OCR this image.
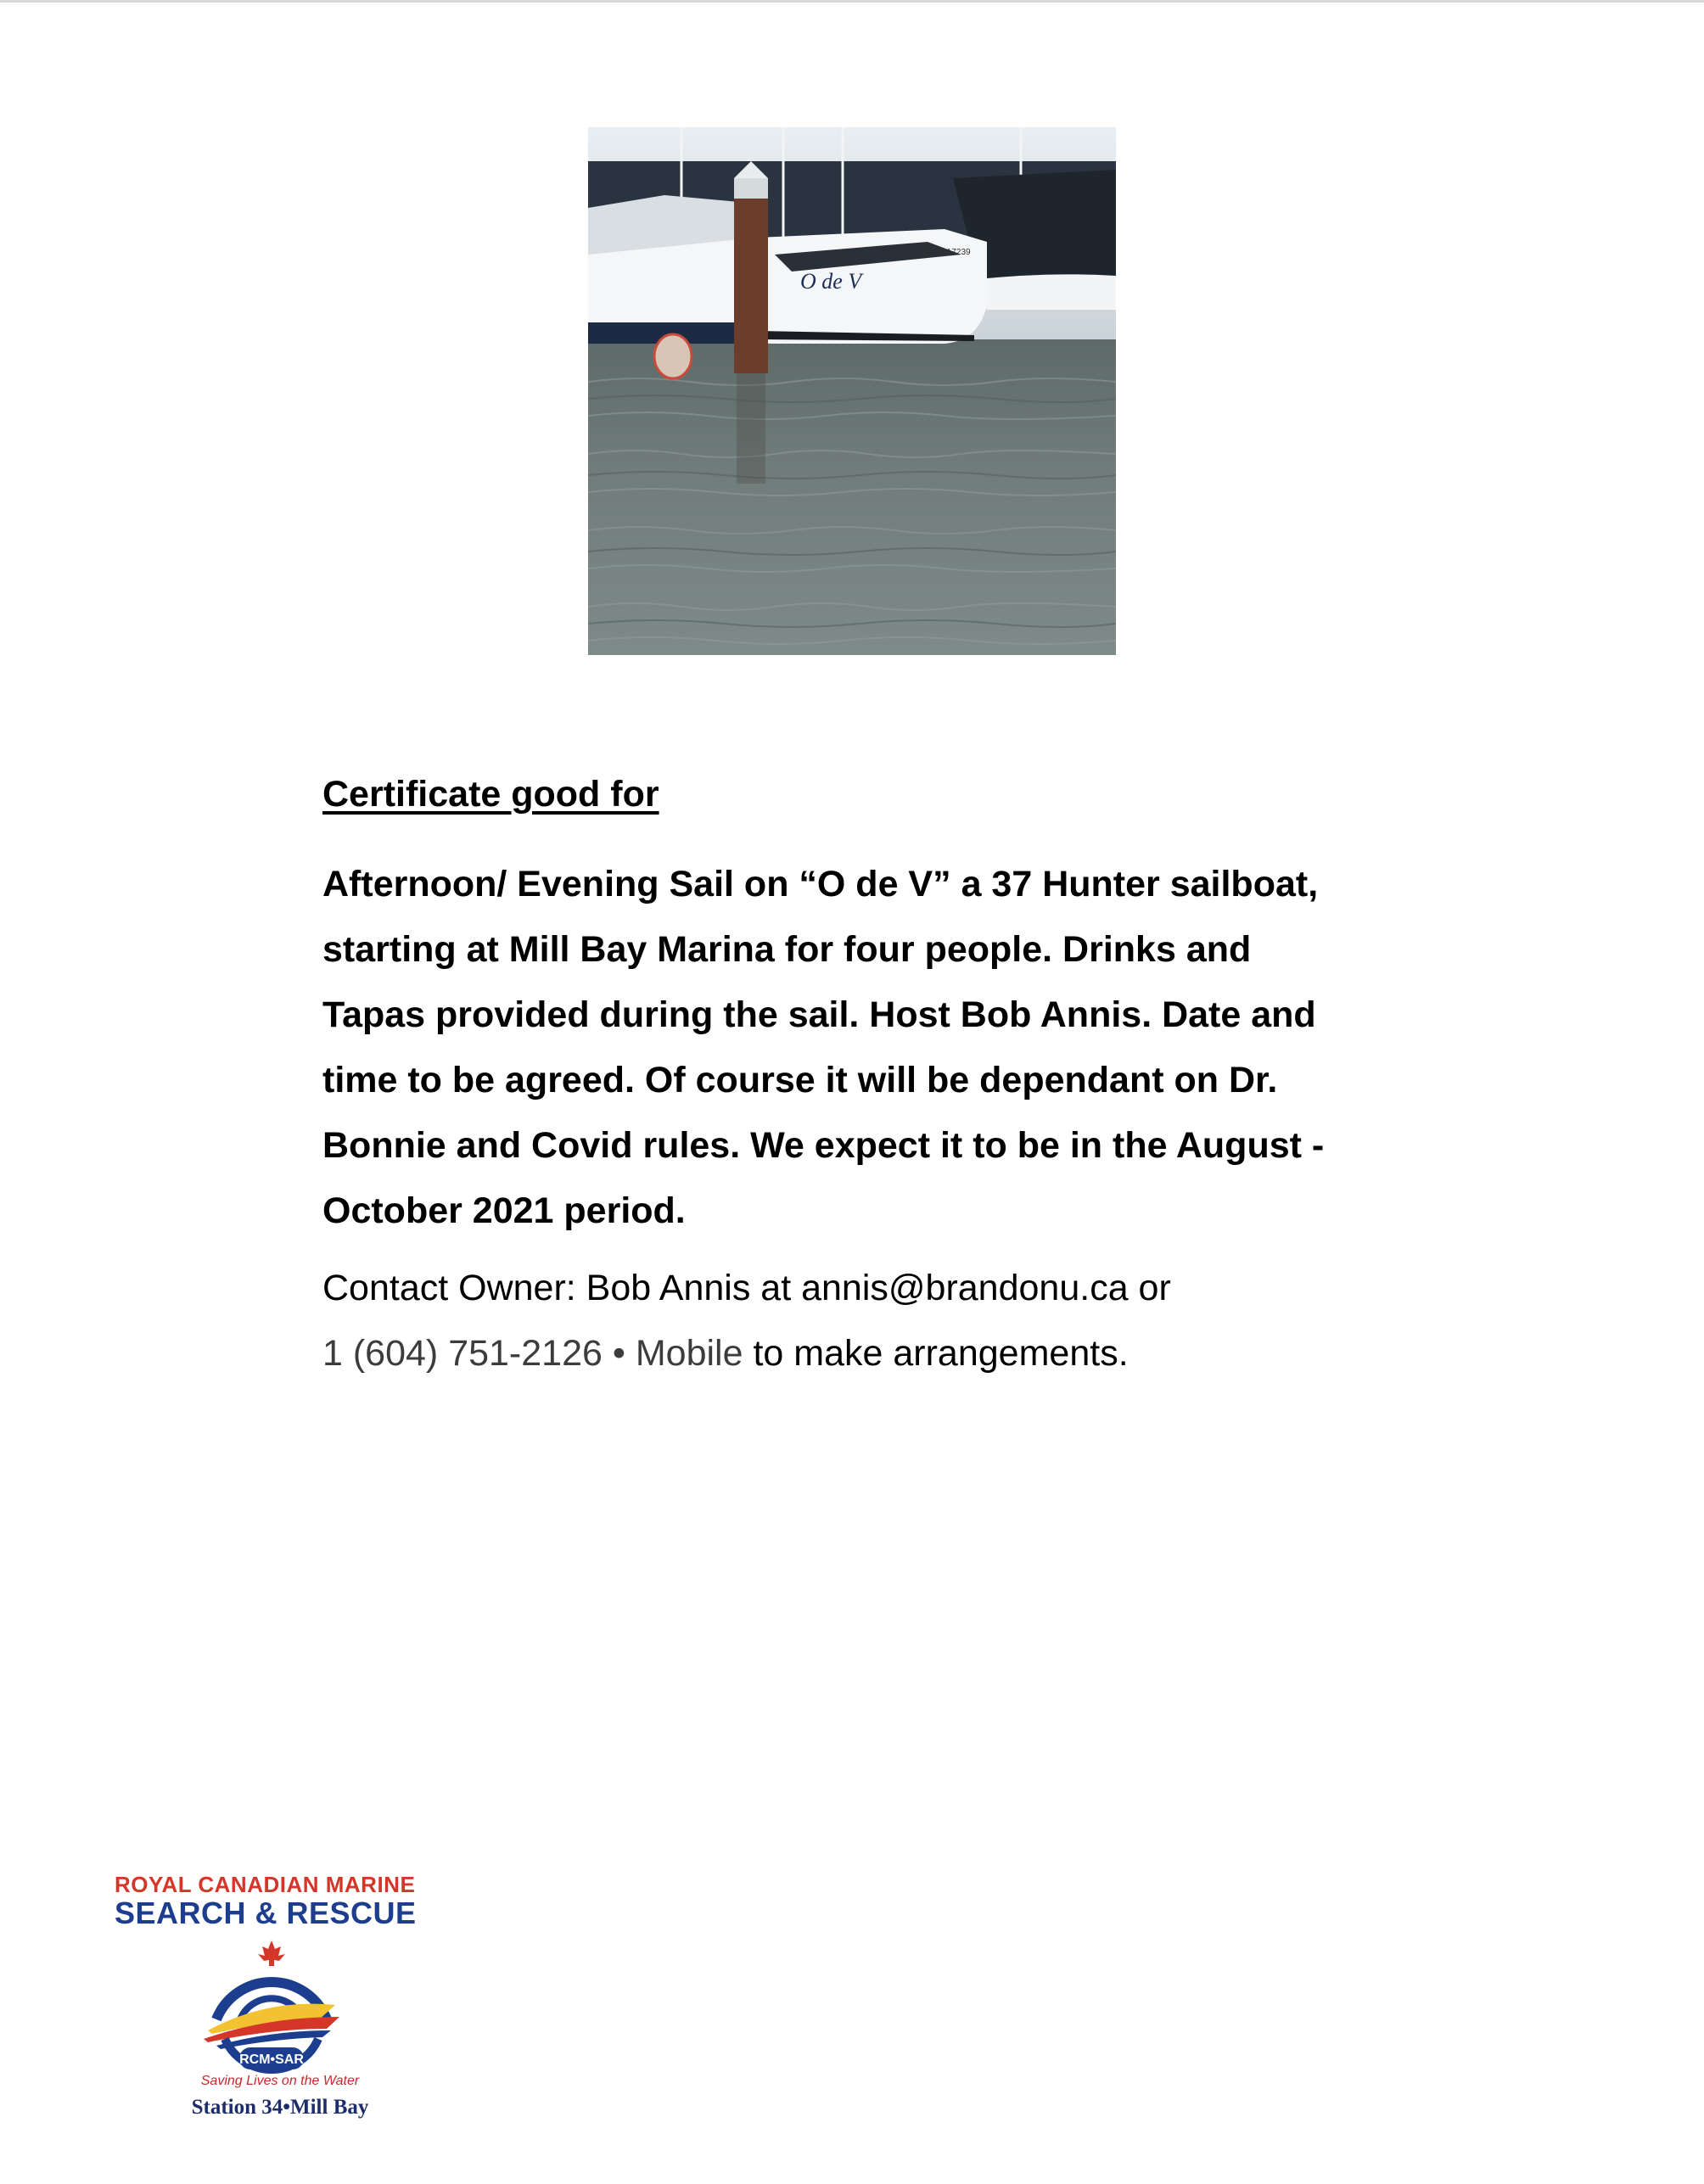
O de V
BC 4217239
Certificate good for
Afternoon/ Evening Sail on “O de V” a 37 Hunter sailboat,
starting at Mill Bay Marina for four people. Drinks and
Tapas provided during the sail. Host Bob Annis. Date and
time to be agreed. Of course it will be dependant on Dr.
Bonnie and Covid rules. We expect it to be in the August -
October 2021 period.
Contact Owner: Bob Annis at annis@brandonu.ca or
1 (604) 751-2126 • Mobile to make arrangements.
ROYAL CANADIAN MARINE
SEARCH & RESCUE
RCM•SAR
Saving Lives on the Water
Station 34•Mill Bay
